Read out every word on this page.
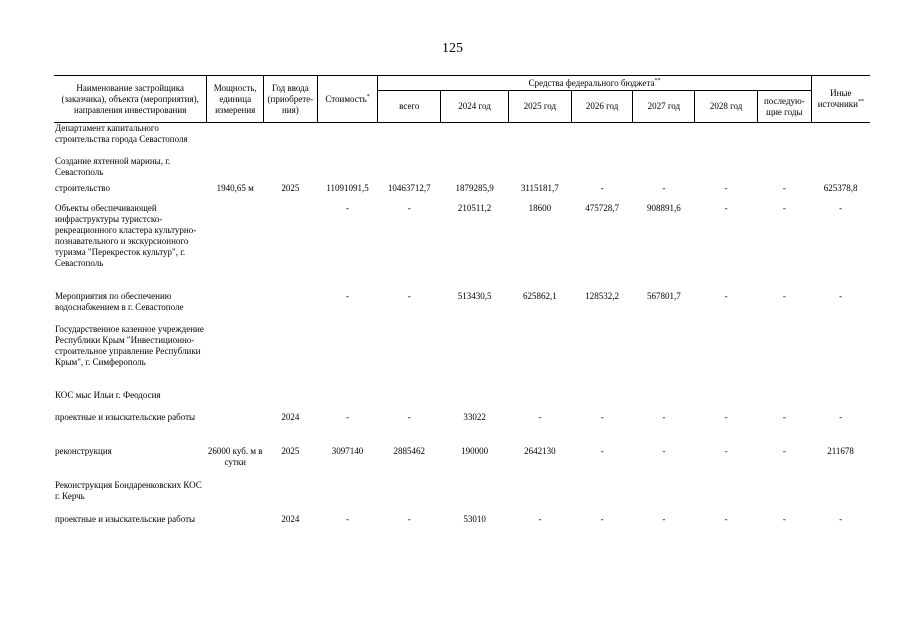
125
Наименование застройщика (заказчика), объекта (мероприятия), направления инвестирования	Мощность, единица измерения	Год ввода (приобрете-ния)	Стоимость*	Средства федерального бюджета**							Иные источники**
				всего	2024 год	2025 год	2026 год	2027 год	2028 год	последую-щие годы	
Департамент капитального строительства города Севастополя											
Создание яхтенной марины, г. Севастополь											
строительство	1940,65 м	2025	11091091,5	10463712,7	1879285,9	3115181,7	-	-	-	-	625378,8
Объекты обеспечивающей инфраструктуры туристско-рекреационного кластера культурно-познавательного и экскурсионного туризма "Перекресток культур", г. Севастополь			-	-	210511,2	18600	475728,7	908891,6	-	-	-
Мероприятия по обеспечению водоснабжением в г. Севастополе			-	-	513430,5	625862,1	128532,2	567801,7	-	-	-
Государственное казенное учреждение Республики Крым "Инвестиционно-строительное управление Республики Крым", г. Симферополь											
КОС мыс Ильи г. Феодосия											
проектные и изыскательские работы		2024	-	-	33022	-	-	-	-	-	-
реконструкция	26000 куб. м в сутки	2025	3097140	2885462	190000	2642130	-	-	-	-	211678
Реконструкция Бондаренковских КОС г. Керчь											
проектные и изыскательские работы		2024	-	-	53010	-	-	-	-	-	-
